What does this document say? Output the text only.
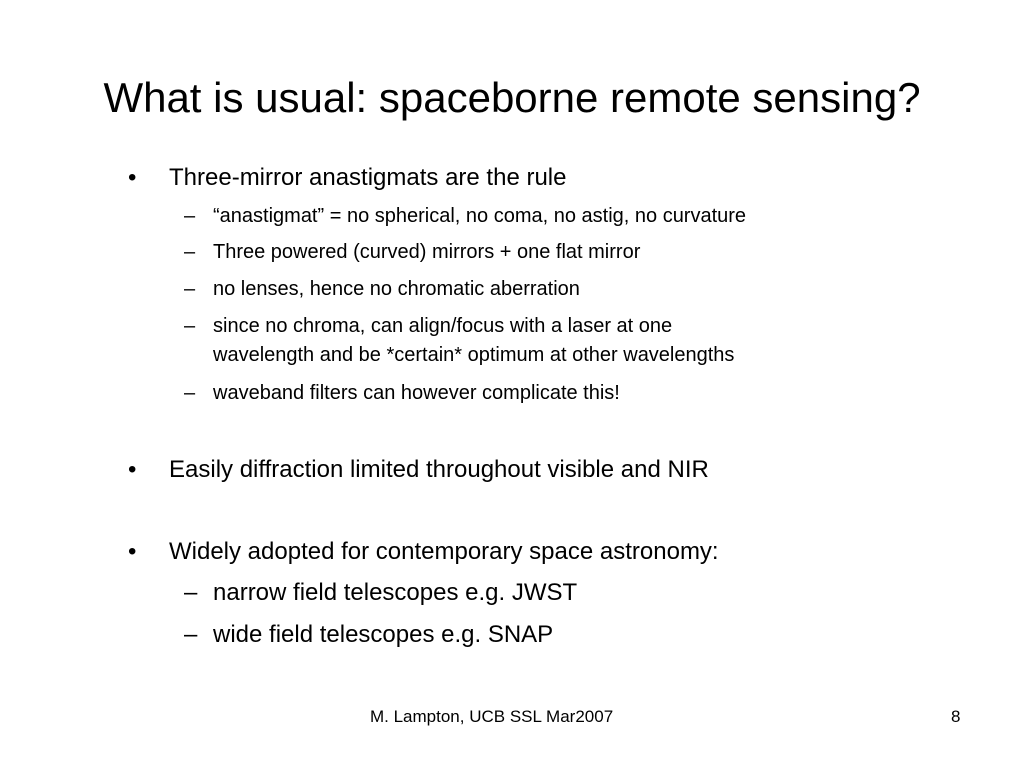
What is usual: spaceborne remote sensing?
• Three-mirror anastigmats are the rule
– “anastigmat” = no spherical, no coma, no astig, no curvature
– Three powered (curved) mirrors + one flat mirror
– no lenses, hence no chromatic aberration
– since no chroma, can align/focus with a laser at one
wavelength and be *certain* optimum at other wavelengths
– waveband filters can however complicate this!
• Easily diffraction limited throughout visible and NIR
• Widely adopted for contemporary space astronomy:
– narrow field telescopes e.g. JWST
– wide field telescopes e.g. SNAP
M. Lampton, UCB SSL Mar2007	8
